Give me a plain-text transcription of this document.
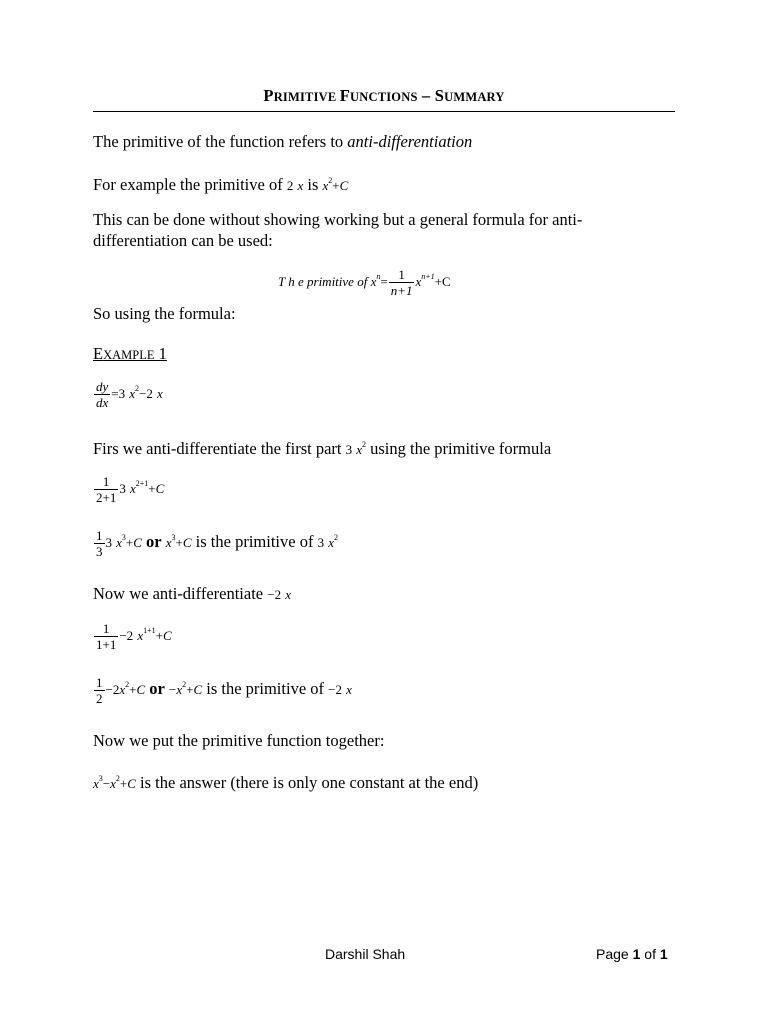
PRIMITIVE FUNCTIONS – SUMMARY
The primitive of the function refers to anti-differentiation
For example the primitive of 2 x is $x^2+C$
This can be done without showing working but a general formula for anti-
differentiation can be used:
T h e primitive of $x^n= \frac{1}{n+1} x^{n+1}+C$
So using the formula:
EXAMPLE 1
$\frac{dy}{dx} =3$ $x^2-2$ x
Firs we anti-differentiate the first part 3 $x^2$ using the primitive formula
$\frac{1}{2+1} 3$ $x^{2+1}+C$
$\frac{1}{3} 3$ $x^3+C$ or $x^3+C$ is the primitive of 3 $x^2$
Now we anti-differentiate −2 x
$\frac{1}{1+1} -2$ $x^{1+1}+C$
$\frac{1}{2} -2x^2+C$ or $-x^2+C$ is the primitive of −2 x
Now we put the primitive function together:
$x^3-x^2+C$ is the answer (there is only one constant at the end)
Darshil Shah	Page 1 of 1
